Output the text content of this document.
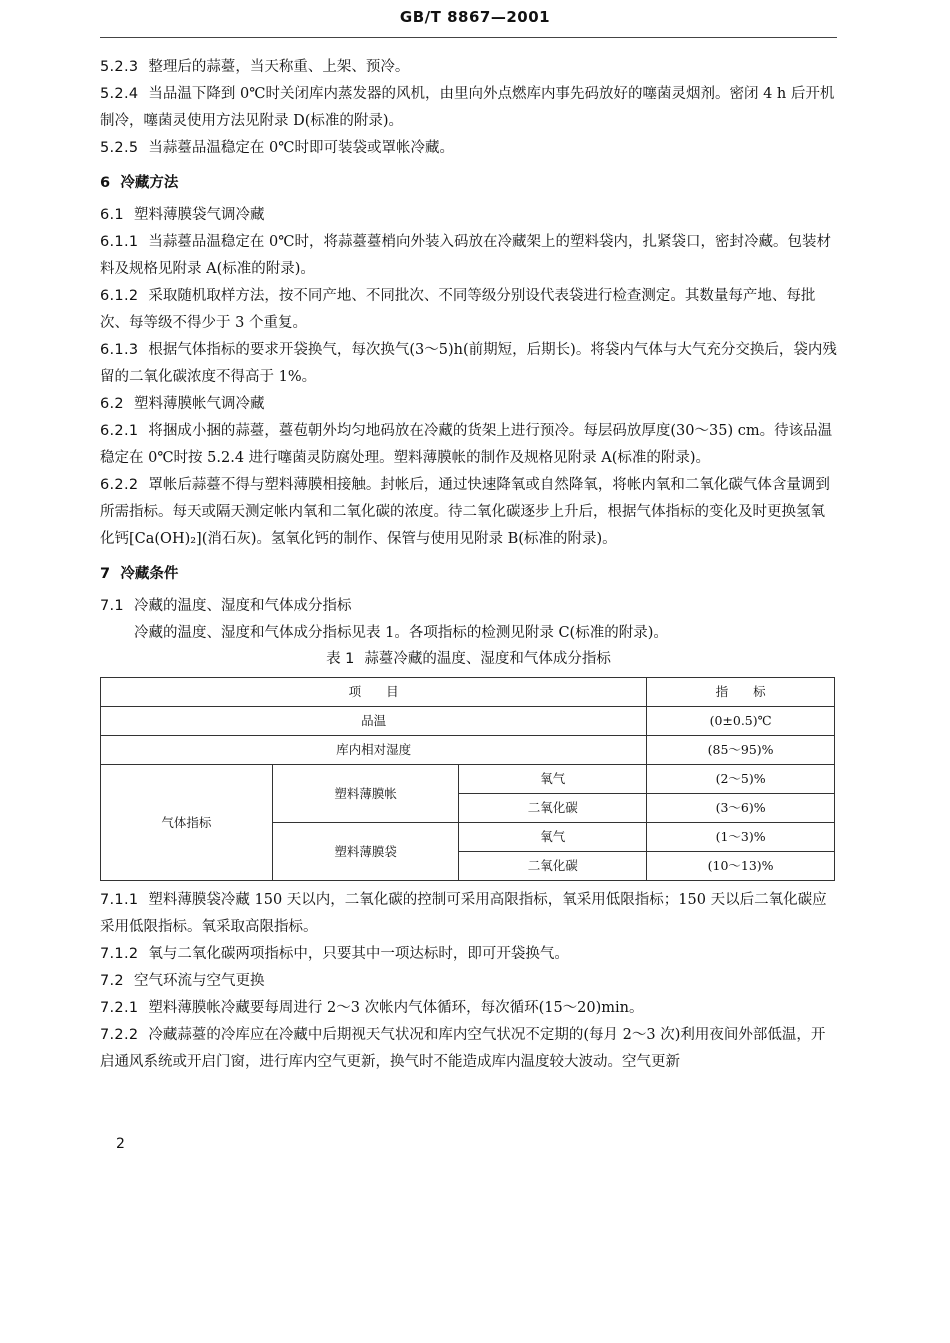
GB/T 8867—2001

5.2.3 整理后的蒜薹，当天称重、上架、预冷。

5.2.4 当品温下降到 0℃时关闭库内蒸发器的风机，由里向外点燃库内事先码放好的噻菌灵烟剂。密闭 4 h 后开机制冷，噻菌灵使用方法见附录 D(标准的附录)。

5.2.5 当蒜薹品温稳定在 0℃时即可装袋或罩帐冷藏。

6 冷藏方法

6.1 塑料薄膜袋气调冷藏

6.1.1 当蒜薹品温稳定在 0℃时，将蒜薹薹梢向外装入码放在冷藏架上的塑料袋内，扎紧袋口，密封冷藏。包装材料及规格见附录 A(标准的附录)。

6.1.2 采取随机取样方法，按不同产地、不同批次、不同等级分别设代表袋进行检查测定。其数量每产地、每批次、每等级不得少于 3 个重复。

6.1.3 根据气体指标的要求开袋换气，每次换气(3～5)h(前期短，后期长)。将袋内气体与大气充分交换后，袋内残留的二氧化碳浓度不得高于 1%。

6.2 塑料薄膜帐气调冷藏

6.2.1 将捆成小捆的蒜薹，薹苞朝外均匀地码放在冷藏的货架上进行预冷。每层码放厚度(30～35) cm。待该品温稳定在 0℃时按 5.2.4 进行噻菌灵防腐处理。塑料薄膜帐的制作及规格见附录 A(标准的附录)。

6.2.2 罩帐后蒜薹不得与塑料薄膜相接触。封帐后，通过快速降氧或自然降氧，将帐内氧和二氧化碳气体含量调到所需指标。每天或隔天测定帐内氧和二氧化碳的浓度。待二氧化碳逐步上升后，根据气体指标的变化及时更换氢氧化钙[Ca(OH)₂](消石灰)。氢氧化钙的制作、保管与使用见附录 B(标准的附录)。

7 冷藏条件

7.1 冷藏的温度、湿度和气体成分指标

冷藏的温度、湿度和气体成分指标见表 1。各项指标的检测见附录 C(标准的附录)。

表 1 蒜薹冷藏的温度、湿度和气体成分指标

项　　目			指　　标
品温			(0±0.5)℃
库内相对湿度			(85～95)%
气体指标	塑料薄膜帐	氧气	(2～5)%
		二氧化碳	(3～6)%
	塑料薄膜袋	氧气	(1～3)%
		二氧化碳	(10～13)%

7.1.1 塑料薄膜袋冷藏 150 天以内，二氧化碳的控制可采用高限指标，氧采用低限指标；150 天以后二氧化碳应采用低限指标。氧采取高限指标。

7.1.2 氧与二氧化碳两项指标中，只要其中一项达标时，即可开袋换气。

7.2 空气环流与空气更换

7.2.1 塑料薄膜帐冷藏要每周进行 2～3 次帐内气体循环，每次循环(15～20)min。

7.2.2 冷藏蒜薹的冷库应在冷藏中后期视天气状况和库内空气状况不定期的(每月 2～3 次)利用夜间外部低温，开启通风系统或开启门窗，进行库内空气更新，换气时不能造成库内温度较大波动。空气更新

2
